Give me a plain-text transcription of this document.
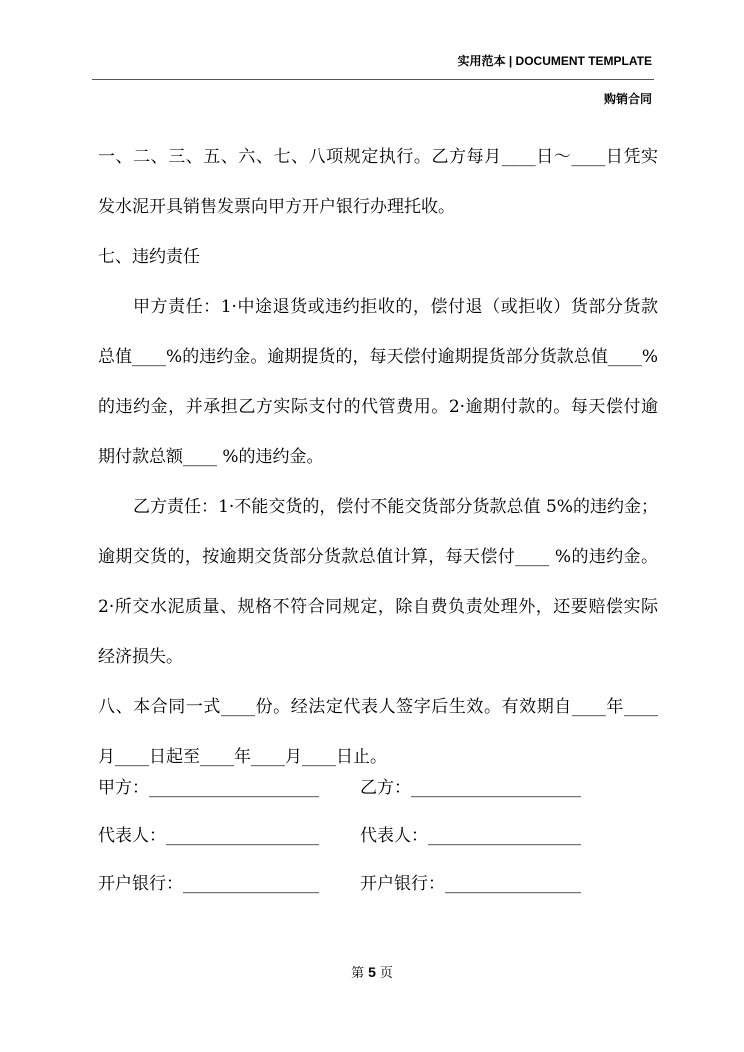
实用范本 | DOCUMENT TEMPLATE
购销合同

一、二、三、五、六、七、八项规定执行。乙方每月____日～____日凭实发水泥开具销售发票向甲方开户银行办理托收。

七、违约责任

甲方责任：1·中途退货或违约拒收的，偿付退（或拒收）货部分货款总值____%的违约金。逾期提货的，每天偿付逾期提货部分货款总值____%的违约金，并承担乙方实际支付的代管费用。2·逾期付款的。每天偿付逾期付款总额____ %的违约金。

乙方责任：1·不能交货的，偿付不能交货部分货款总值 5%的违约金；逾期交货的，按逾期交货部分货款总值计算，每天偿付____ %的违约金。2·所交水泥质量、规格不符合同规定，除自费负责处理外，还要赔偿实际经济损失。

八、本合同一式____份。经法定代表人签字后生效。有效期自____年____月____日起至____年____月____日止。

甲方：____________________ 乙方：____________________
代表人：__________________ 代表人：__________________
开户银行：________________ 开户银行：________________
第 5 页
